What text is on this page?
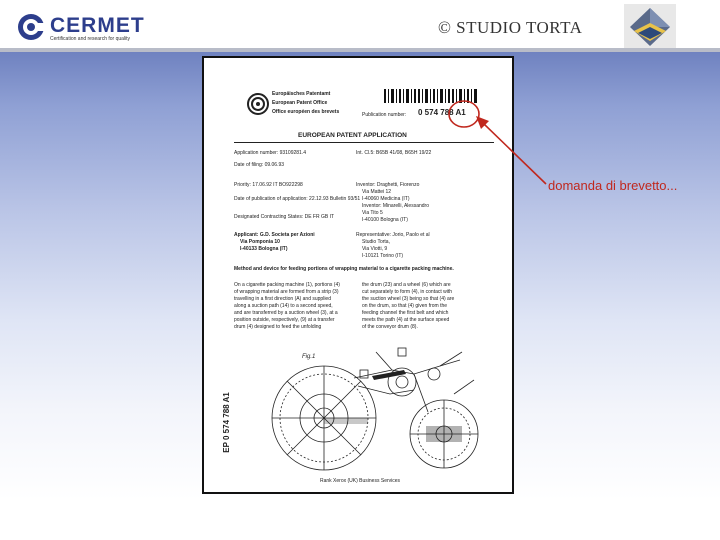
CERMET
Certification and research for quality
© STUDIO TORTA
Europäisches Patentamt
European Patent Office
Office européen des brevets	Publication number: 0 574 788 A1
EUROPEAN PATENT APPLICATION
Application number: 93109281.4	Int. Cl.5: B65B 41/08, B65H 19/22
Date of filing: 09.06.93
Priority: 17.06.92 IT BO922298	Inventor: Draghetti, Fiorenzo
Via Mattei 12
I-40060 Medicina (IT)
Inventor: Minarelli, Alessandro
Via Tito 5
I-40100 Bologna (IT)
Date of publication of application: 22.12.93 Bulletin 93/51
Designated Contracting States: DE FR GB IT
Applicant: G.D. Societa per Azioni
Via Pomponia 10
I-40133 Bologna (IT)
Representative: Jorio, Paolo et al
Studio Torta,
Via Viotti, 9
I-10121 Torino (IT)
Method and device for feeding portions of wrapping material to a cigarette packing machine.
On a cigarette packing machine (1), portions (4)
of wrapping material are formed from a strip (3)
travelling in a first direction (A) and supplied
along a suction path (14) to a second speed,
and are transferred by a suction wheel (3), at a
position outside, respectively, (9) at a transfer
drum (4) designed to feed the unfolding
the drum (23) and a wheel (6) which are
cut separately to form (4), in contact with
the suction wheel (3) being so that (4) are
on the drum, so that (4) given from the
feeding channel the first belt and which
meets the path (4) at the surface speed
of the conveyor drum (8).
EP 0 574 788 A1
Fig.1
Rank Xerox (UK) Business Services
domanda di brevetto...
